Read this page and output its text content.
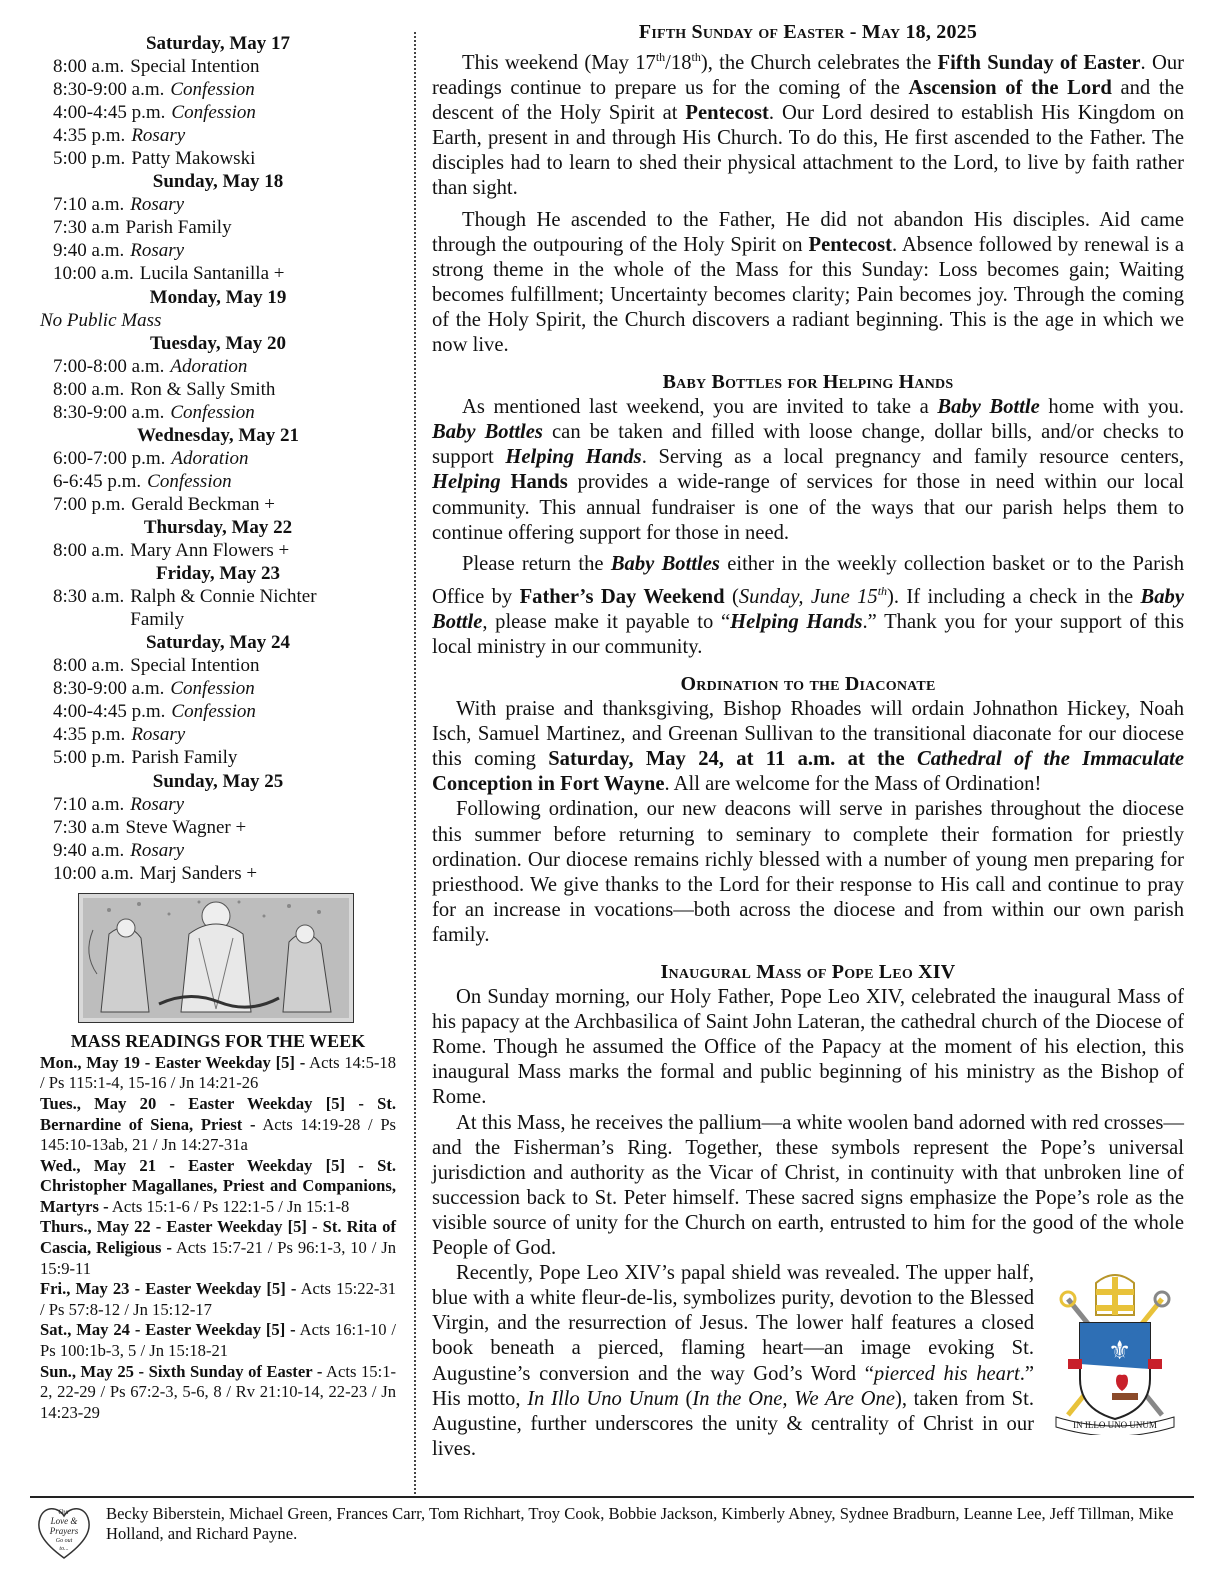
Saturday, May 17
8:00 a.m. Special Intention
8:30-9:00 a.m. Confession
4:00-4:45 p.m. Confession
4:35 p.m. Rosary
5:00 p.m. Patty Makowski
Sunday, May 18
7:10 a.m. Rosary
7:30 a.m Parish Family
9:40 a.m. Rosary
10:00 a.m. Lucila Santanilla +
Monday, May 19
No Public Mass
Tuesday, May 20
7:00-8:00 a.m. Adoration
8:00 a.m. Ron & Sally Smith
8:30-9:00 a.m. Confession
Wednesday, May 21
6:00-7:00 p.m. Adoration
6-6:45 p.m. Confession
7:00 p.m. Gerald Beckman +
Thursday, May 22
8:00 a.m. Mary Ann Flowers +
Friday, May 23
8:30 a.m. Ralph & Connie Nichter Family
Saturday, May 24
8:00 a.m. Special Intention
8:30-9:00 a.m. Confession
4:00-4:45 p.m. Confession
4:35 p.m. Rosary
5:00 p.m. Parish Family
Sunday, May 25
7:10 a.m. Rosary
7:30 a.m Steve Wagner +
9:40 a.m. Rosary
10:00 a.m. Marj Sanders +
MASS READINGS FOR THE WEEK
Mon., May 19 - Easter Weekday [5] - Acts 14:5-18 / Ps 115:1-4, 15-16 / Jn 14:21-26
Tues., May 20 - Easter Weekday [5] - St. Bernardine of Siena, Priest - Acts 14:19-28 / Ps 145:10-13ab, 21 / Jn 14:27-31a
Wed., May 21 - Easter Weekday [5] - St. Christopher Magallanes, Priest and Companions, Martyrs - Acts 15:1-6 / Ps 122:1-5 / Jn 15:1-8
Thurs., May 22 - Easter Weekday [5] - St. Rita of Cascia, Religious - Acts 15:7-21 / Ps 96:1-3, 10 / Jn 15:9-11
Fri., May 23 - Easter Weekday [5] - Acts 15:22-31 / Ps 57:8-12 / Jn 15:12-17
Sat., May 24 - Easter Weekday [5] - Acts 16:1-10 / Ps 100:1b-3, 5 / Jn 15:18-21
Sun., May 25 - Sixth Sunday of Easter - Acts 15:1-2, 22-29 / Ps 67:2-3, 5-6, 8 / Rv 21:10-14, 22-23 / Jn 14:23-29
Fifth Sunday of Easter - May 18, 2025

This weekend (May 17th/18th), the Church celebrates the Fifth Sunday of Easter. Our readings continue to prepare us for the coming of the Ascension of the Lord and the descent of the Holy Spirit at Pentecost. Our Lord desired to establish His Kingdom on Earth, present in and through His Church. To do this, He first ascended to the Father. The disciples had to learn to shed their physical attachment to the Lord, to live by faith rather than sight.

Though He ascended to the Father, He did not abandon His disciples. Aid came through the outpouring of the Holy Spirit on Pentecost. Absence followed by renewal is a strong theme in the whole of the Mass for this Sunday: Loss becomes gain; Waiting becomes fulfillment; Uncertainty becomes clarity; Pain becomes joy. Through the coming of the Holy Spirit, the Church discovers a radiant beginning. This is the age in which we now live.

Baby Bottles for Helping Hands

As mentioned last weekend, you are invited to take a Baby Bottle home with you. Baby Bottles can be taken and filled with loose change, dollar bills, and/or checks to support Helping Hands. Serving as a local pregnancy and family resource centers, Helping Hands provides a wide-range of services for those in need within our local community. This annual fundraiser is one of the ways that our parish helps them to continue offering support for those in need.

Please return the Baby Bottles either in the weekly collection basket or to the Parish Office by Father’s Day Weekend (Sunday, June 15th). If including a check in the Baby Bottle, please make it payable to “Helping Hands.” Thank you for your support of this local ministry in our community.

Ordination to the Diaconate

With praise and thanksgiving, Bishop Rhoades will ordain Johnathon Hickey, Noah Isch, Samuel Martinez, and Greenan Sullivan to the transitional diaconate for our diocese this coming Saturday, May 24, at 11 a.m. at the Cathedral of the Immaculate Conception in Fort Wayne. All are welcome for the Mass of Ordination!

Following ordination, our new deacons will serve in parishes throughout the diocese this summer before returning to seminary to complete their formation for priestly ordination. Our diocese remains richly blessed with a number of young men preparing for priesthood. We give thanks to the Lord for their response to His call and continue to pray for an increase in vocations—both across the diocese and from within our own parish family.

Inaugural Mass of Pope Leo XIV

On Sunday morning, our Holy Father, Pope Leo XIV, celebrated the inaugural Mass of his papacy at the Archbasilica of Saint John Lateran, the cathedral church of the Diocese of Rome. Though he assumed the Office of the Papacy at the moment of his election, this inaugural Mass marks the formal and public beginning of his ministry as the Bishop of Rome.

At this Mass, he receives the pallium—a white woolen band adorned with red crosses—and the Fisherman’s Ring. Together, these symbols represent the Pope’s universal jurisdiction and authority as the Vicar of Christ, in continuity with that unbroken line of succession back to St. Peter himself. These sacred signs emphasize the Pope’s role as the visible source of unity for the Church on earth, entrusted to him for the good of the whole People of God.

⚜
IN ILLO UNO UNUM

Recently, Pope Leo XIV’s papal shield was revealed. The upper half, blue with a white fleur-de-lis, symbolizes purity, devotion to the Blessed Virgin, and the resurrection of Jesus. The lower half features a closed book beneath a pierced, flaming heart—an image evoking St. Augustine’s conversion and the way God’s Word “pierced his heart.” His motto, In Illo Uno Unum (In the One, We Are One), taken from St. Augustine, further underscores the unity & centrality of Christ in our lives.

Our Love & Prayers Go out to...
Becky Biberstein, Michael Green, Frances Carr, Tom Richhart, Troy Cook, Bobbie Jackson, Kimberly Abney, Sydnee Bradburn, Leanne Lee, Jeff Tillman, Mike Holland, and Richard Payne.
